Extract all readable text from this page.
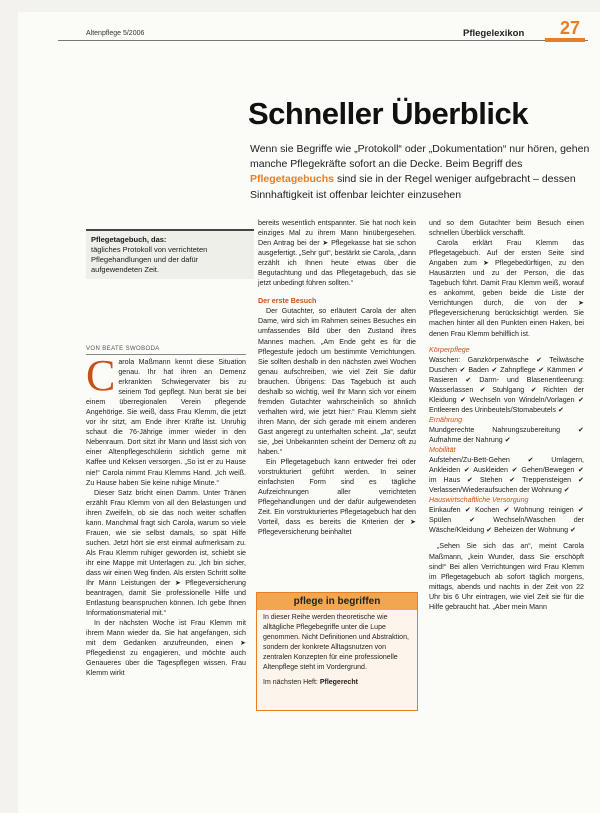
Altenpflege 5/2006	Pflegelexikon 27
Schneller Überblick
Wenn sie Begriffe wie „Protokoll“ oder „Dokumentation“ nur hören, gehen manche Pflegekräfte sofort an die Decke. Beim Begriff des Pflegetagebuchs sind sie in der Regel weniger aufgebracht – dessen Sinnhaftigkeit ist offenbar leichter einzusehen
Pflegetagebuch, das:
tägliches Protokoll von verrichteten Pflegehandlungen und der dafür aufgewendeten Zeit.
VON BEATE SWOBODA

Carola Maßmann kennt diese Situation genau. Ihr hat ihren an Demenz erkrankten Schwiegervater bis zu seinem Tod gepflegt. Nun berät sie bei einem überregionalen Verein pflegende Angehörige. Sie weiß, dass Frau Klemm, die jetzt vor ihr sitzt, am Ende ihrer Kräfte ist. Unruhig schaut die 76-Jährige immer wieder in den Nebenraum. Dort sitzt ihr Mann und lässt sich von einer Altenpflegeschülerin sichtlich gerne mit Kaffee und Keksen versorgen. „So ist er zu Hause nie!“ Carola nimmt Frau Klemms Hand. „Ich weiß. Zu Hause haben Sie keine ruhige Minute.“

Dieser Satz bricht einen Damm. Unter Tränen erzählt Frau Klemm von all den Belastungen und ihren Zweifeln, ob sie das noch weiter schaffen kann. Manchmal fragt sich Carola, warum so viele Frauen, wie sie selbst damals, so spät Hilfe suchen. Jetzt hört sie erst einmal aufmerksam zu. Als Frau Klemm ruhiger geworden ist, schiebt sie ihr eine Mappe mit Unterlagen zu. „Ich bin sicher, dass wir einen Weg finden. Als ersten Schritt sollte Ihr Mann Leistungen der ➤ Pflegeversicherung beantragen, damit Sie professionelle Hilfe und Entlastung beanspruchen können. Ich gebe Ihnen Informationsmaterial mit.“

In der nächsten Woche ist Frau Klemm mit ihrem Mann wieder da. Sie hat angefangen, sich mit dem Gedanken anzufreunden, einen ➤ Pflegedienst zu engagieren, und möchte auch Genaueres über die Tagespflegen wissen. Frau Klemm wirkt

bereits wesentlich entspannter. Sie hat noch kein einziges Mal zu ihrem Mann hinübergesehen. Den Antrag bei der ➤ Pflegekasse hat sie schon ausgefertigt. „Sehr gut“, bestärkt sie Carola, „dann erzählt ich Ihnen heute etwas über die Begutachtung und das Pflegetagebuch, das sie jetzt unbedingt führen sollten.“

Der erste Besuch

Der Gutachter, so erläutert Carola der alten Dame, wird sich im Rahmen seines Besuches ein umfassendes Bild über den Zustand ihres Mannes machen. „Am Ende geht es für die Pflegestufe jedoch um bestimmte Verrichtungen. Sie sollten deshalb in den nächsten zwei Wochen genau aufschreiben, wie viel Zeit Sie dafür brauchen. Übrigens: Das Tagebuch ist auch deshalb so wichtig, weil Ihr Mann sich vor einem fremden Gutachter wahrscheinlich so ähnlich verhalten wird, wie jetzt hier.“ Frau Klemm sieht ihren Mann, der sich gerade mit einem anderen Gast angeregt zu unterhalten scheint. „Ja“, seufzt sie, „bei Unbekannten scheint der Demenz oft zu haben.“

Ein Pflegetagebuch kann entweder frei oder vorstrukturiert geführt werden. In seiner einfachsten Form sind es tägliche Aufzeichnungen aller verrichteten Pflegehandlungen und der dafür aufgewendeten Zeit. Ein vorstrukturiertes Pflegetagebuch hat den Vorteil, dass es bereits die Kriterien der ➤ Pflegeversicherung beinhaltet

pflege in begriffen
In dieser Reihe werden theoretische wie alltägliche Pflegebegriffe unter die Lupe genommen. Nicht Definitionen und Abstraktion, sondern der konkrete Alltagsnutzen von zentralen Konzepten für eine professionelle Altenpflege steht im Vordergrund.
Im nächsten Heft: Pflegerecht

und so dem Gutachter beim Besuch einen schnellen Überblick verschafft.

Carola erklärt Frau Klemm das Pflegetagebuch. Auf der ersten Seite sind Angaben zum ➤ Pflegebedürftigen, zu den Hausärzten und zu der Person, die das Tagebuch führt. Damit Frau Klemm weiß, worauf es ankommt, geben beide die Liste der Verrichtungen durch, die von der ➤ Pflegeversicherung berücksichtigt werden. Sie machen hinter all den Punkten einen Haken, bei denen Frau Klemm behilflich ist.

Körperpflege

Waschen: Ganzkörperwäsche ✔ Teilwäsche Duschen ✔ Baden ✔ Zahnpflege ✔ Kämmen ✔ Rasieren ✔ Darm- und Blasenentleerung: Wasserlassen ✔ Stuhlgang ✔ Richten der Kleidung ✔ Wechseln von Windeln/Vorlagen ✔ Entleeren des Urinbeutels/Stomabeutels ✔

Ernährung

Mundgerechte Nahrungszubereitung ✔ Aufnahme der Nahrung ✔

Mobilität

Aufstehen/Zu-Bett-Gehen ✔ Umlagern, Ankleiden ✔ Auskleiden ✔ Gehen/Bewegen ✔ im Haus ✔ Stehen ✔ Treppensteigen ✔ Verlassen/Wiederaufsuchen der Wohnung ✔

Hauswirtschaftliche Versorgung

Einkaufen ✔ Kochen ✔ Wohnung reinigen ✔ Spülen ✔ Wechseln/Waschen der Wäsche/Kleidung ✔ Beheizen der Wohnung ✔

„Sehen Sie sich das an“, meint Carola Maßmann, „kein Wunder, dass Sie erschöpft sind!“ Bei allen Verrichtungen wird Frau Klemm im Pflegetagebuch ab sofort täglich morgens, mittags, abends und nachts in der Zeit von 22 Uhr bis 6 Uhr eintragen, wie viel Zeit sie für die Hilfe gebraucht hat. „Aber mein Mann
